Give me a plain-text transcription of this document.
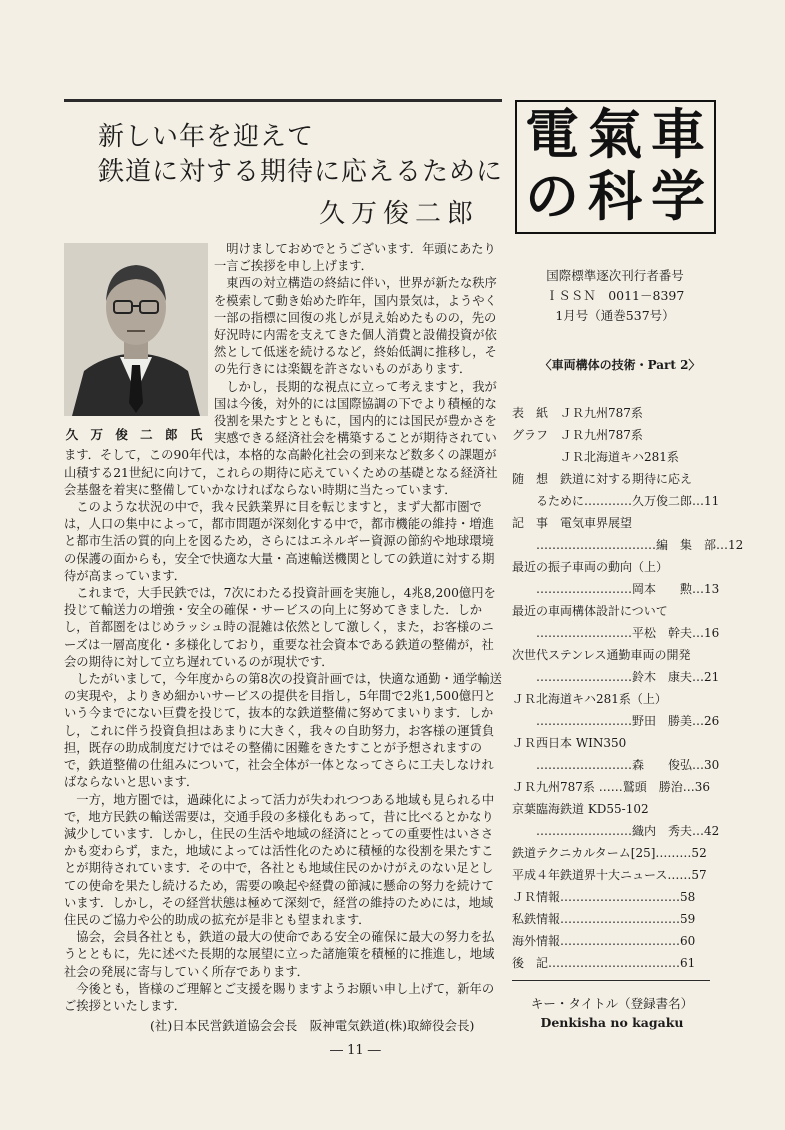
新しい年を迎えて
鉄道に対する期待に応えるために
久万俊二郎

明けましておめでとうございます．年頭にあたり一言ご挨拶を申し上げます．

東西の対立構造の終結に伴い，世界が新たな秩序を模索して動き始めた昨年，国内景気は，ようやく一部の指標に回復の兆しが見え始めたものの，先の好況時に内需を支えてきた個人消費と設備投資が依然として低迷を続けるなど，終始低調に推移し，その先行きには楽観を許さないものがあります．

しかし，長期的な視点に立って考えますと，我が国は今後，対外的には国際協調の下でより積極的な役割を果たすとともに，国内的には国民が豊かさを実感できる経済社会を構築することが期待されています．そして，この90年代は，本格的な高齢化社会の到来など数多くの課題が山積する21世紀に向けて，これらの期待に応えていくための基礎となる経済社会基盤を着実に整備していかなければならない時期に当たっています．

このような状況の中で，我々民鉄業界に目を転じますと，まず大都市圏では，人口の集中によって，都市問題が深刻化する中で，都市機能の維持・増進と都市生活の質的向上を図るため，さらにはエネルギー資源の節約や地球環境の保護の面からも，安全で快適な大量・高速輸送機関としての鉄道に対する期待が高まっています．

これまで，大手民鉄では，7次にわたる投資計画を実施し，4兆8,200億円を投じて輸送力の増強・安全の確保・サービスの向上に努めてきました．しかし，首都圏をはじめラッシュ時の混雑は依然として激しく，また，お客様のニーズは一層高度化・多様化しており，重要な社会資本である鉄道の整備が，社会の期待に対して立ち遅れているのが現状です．

したがいまして，今年度からの第8次の投資計画では，快適な通勤・通学輸送の実現や，よりきめ細かいサービスの提供を目指し，5年間で2兆1,500億円という今までにない巨費を投じて，抜本的な鉄道整備に努めてまいります．しかし，これに伴う投資負担はあまりに大きく，我々の自助努力，お客様の運賃負担，既存の助成制度だけではその整備に困難をきたすことが予想されますので，鉄道整備の仕組みについて，社会全体が一体となってさらに工夫しなければならないと思います．

一方，地方圏では，過疎化によって活力が失われつつある地域も見られる中で，地方民鉄の輸送需要は，交通手段の多様化もあって，昔に比べるとかなり減少しています．しかし，住民の生活や地域の経済にとっての重要性はいささかも変わらず，また，地域によっては活性化のために積極的な役割を果たすことが期待されています．その中で，各社とも地域住民のかけがえのない足としての使命を果たし続けるため，需要の喚起や経費の節減に懸命の努力を続けています．しかし，その経営状態は極めて深刻で，経営の維持のためには，地域住民のご協力や公的助成の拡充が是非とも望まれます．

協会，会員各社とも，鉄道の最大の使命である安全の確保に最大の努力を払うとともに，先に述べた長期的な展望に立った諸施策を積極的に推進し，地域社会の発展に寄与していく所存であります．

今後とも，皆様のご理解とご支援を賜りますようお願い申し上げて，新年のご挨拶といたします．

久 万 俊 二 郎 氏
(社)日本民営鉄道協会会長　阪神電気鉄道(株)取締役会長)
― 11 ―
電 氣 車
の 科 学
国際標準逐次刊行者番号
ＩＳＳＮ　0011－8397
1月号（通巻537号）
〈車両構体の技術・Part 2〉
表　紙　ＪＲ九州787系
グラフ　ＪＲ九州787系
　　　　ＪＲ北海道キハ281系
随　想　鉄道に対する期待に応え
　　るために…………久万俊二郎…11
記　事　電気車界展望
　　…………………………編　集　部…12
最近の振子車両の動向（上）
　　……………………岡本　　勲…13
最近の車両構体設計について
　　……………………平松　幹夫…16
次世代ステンレス通勤車両の開発
　　……………………鈴木　康夫…21
ＪＲ北海道キハ281系（上）
　　……………………野田　勝美…26
ＪＲ西日本 WIN350
　　……………………森　　俊弘…30
ＪＲ九州787系 ……鷲頭　勝治…36
京葉臨海鉄道 KD55-102
　　……………………織内　秀夫…42
鉄道テクニカルターム[25]………52
平成４年鉄道界十大ニュース……57
ＪＲ情報…………………………58
私鉄情報…………………………59
海外情報…………………………60
後　記……………………………61
キー・タイトル（登録書名）
Denkisha no kagaku
